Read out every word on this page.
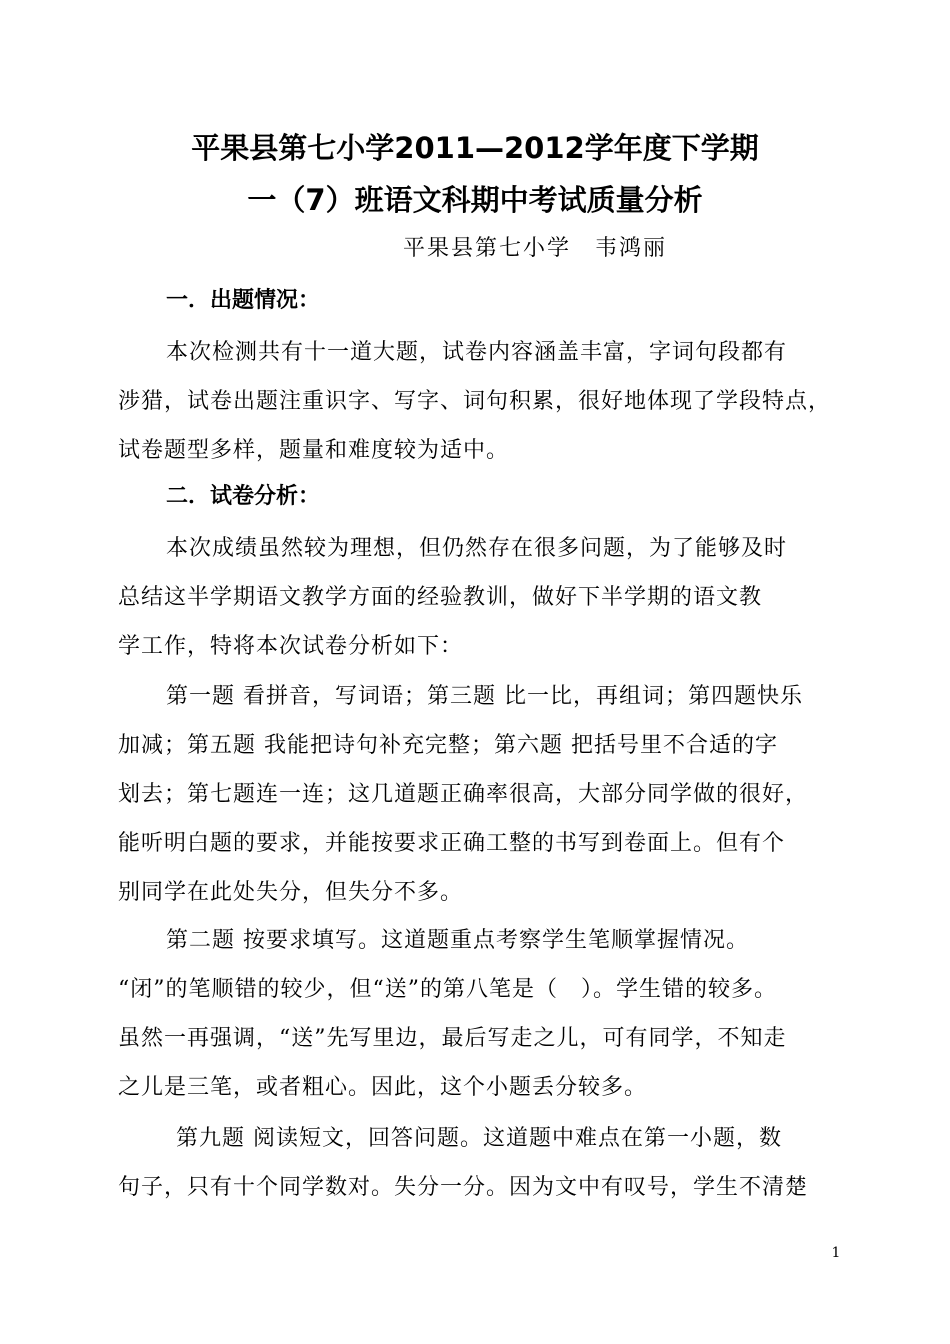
平果县第七小学2011—2012学年度下学期
一（7）班语文科期中考试质量分析
平果县第七小学　韦鸿丽
一．出题情况：
本次检测共有十一道大题，试卷内容涵盖丰富，字词句段都有
涉猎，试卷出题注重识字、写字、词句积累，很好地体现了学段特点，
试卷题型多样，题量和难度较为适中。
二．试卷分析：
本次成绩虽然较为理想，但仍然存在很多问题，为了能够及时
总结这半学期语文教学方面的经验教训，做好下半学期的语文教
学工作，特将本次试卷分析如下：
第一题 看拼音，写词语；第三题 比一比，再组词；第四题快乐
加减；第五题 我能把诗句补充完整；第六题 把括号里不合适的字
划去；第七题连一连；这几道题正确率很高，大部分同学做的很好，
能听明白题的要求，并能按要求正确工整的书写到卷面上。但有个
别同学在此处失分，但失分不多。
第二题 按要求填写。这道题重点考察学生笔顺掌握情况。
“闭”的笔顺错的较少，但“送”的第八笔是（　）。学生错的较多。
虽然一再强调，“送”先写里边，最后写走之儿，可有同学，不知走
之儿是三笔，或者粗心。因此，这个小题丢分较多。
第九题 阅读短文，回答问题。这道题中难点在第一小题，数
句子，只有十个同学数对。失分一分。因为文中有叹号，学生不清楚
1
